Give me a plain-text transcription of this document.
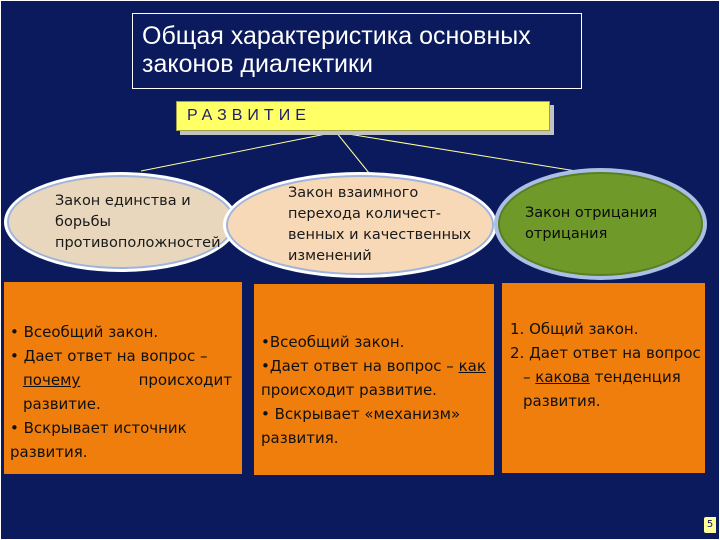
Общая характеристика основных
законов диалектики
РАЗВИТИЕ
Закон единства и
борьбы
противоположностей
Закон взаимного
перехода количест-
венных и качественных
изменений
Закон отрицания
отрицания
• Всеобщий закон.
• Дает ответ на вопрос –
почему	происходит
развитие.
• Вскрывает источник
развития.
•Всеобщий закон.
•Дает ответ на вопрос – как
происходит развитие.
• Вскрывает «механизм»
развития.
1. Общий закон.
2. Дает ответ на вопрос
– какова тенденция
развития.
5
